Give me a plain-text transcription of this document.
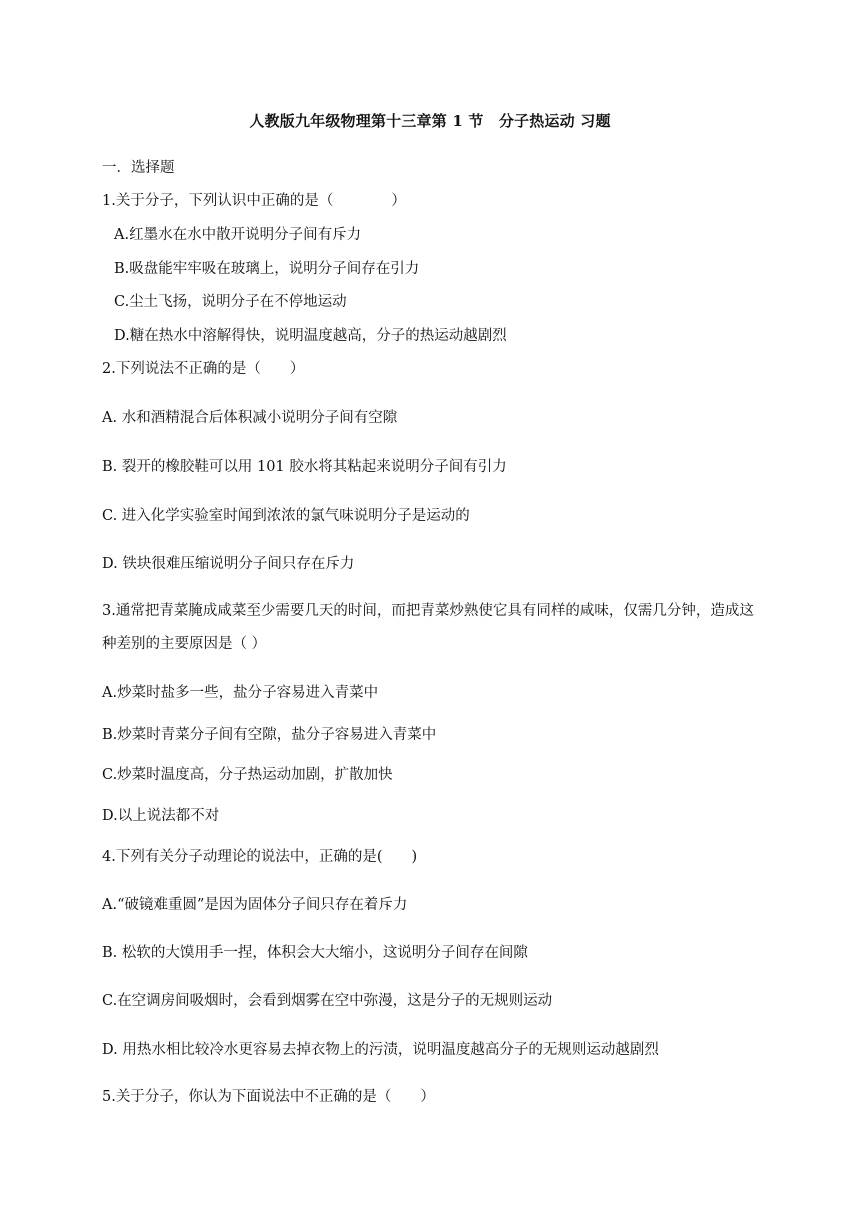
人教版九年级物理第十三章第 1 节　分子热运动 习题
一．选择题
1.关于分子，下列认识中正确的是（　　　　）
A.红墨水在水中散开说明分子间有斥力
B.吸盘能牢牢吸在玻璃上，说明分子间存在引力
C.尘土飞扬，说明分子在不停地运动
D.糖在热水中溶解得快，说明温度越高，分子的热运动越剧烈
2.下列说法不正确的是（　　）
A. 水和酒精混合后体积减小说明分子间有空隙
B. 裂开的橡胶鞋可以用 101 胶水将其粘起来说明分子间有引力
C. 进入化学实验室时闻到浓浓的氯气味说明分子是运动的
D. 铁块很难压缩说明分子间只存在斥力
3.通常把青菜腌成咸菜至少需要几天的时间，而把青菜炒熟使它具有同样的咸味，仅需几分钟，造成这种差别的主要原因是（ ）
A.炒菜时盐多一些，盐分子容易进入青菜中
B.炒菜时青菜分子间有空隙，盐分子容易进入青菜中
C.炒菜时温度高，分子热运动加剧，扩散加快
D.以上说法都不对
4.下列有关分子动理论的说法中，正确的是(　　)
A.“破镜难重圆”是因为固体分子间只存在着斥力
B. 松软的大馍用手一捏，体积会大大缩小，这说明分子间存在间隙
C.在空调房间吸烟时，会看到烟雾在空中弥漫，这是分子的无规则运动
D. 用热水相比较冷水更容易去掉衣物上的污渍，说明温度越高分子的无规则运动越剧烈
5.关于分子，你认为下面说法中不正确的是（　　）
